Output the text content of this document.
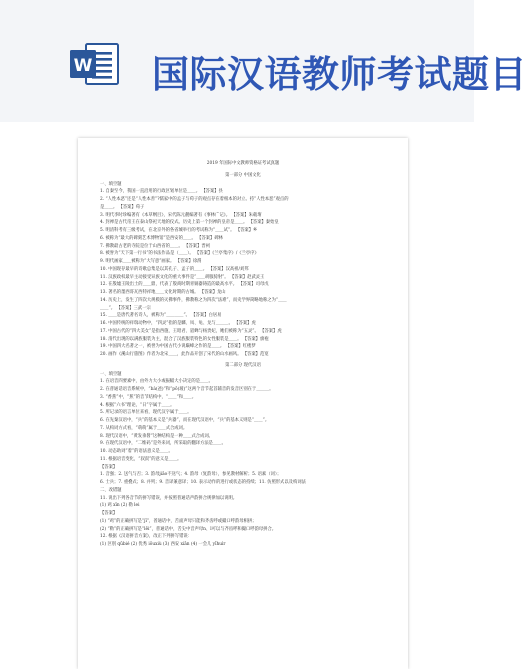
W 国际汉语教师考试题目
2019 年国际中文教师资格证考试真题
第一部分 中国文化
一、填空题
1. 自秦至今，我国一直沿用的行政区划单位是＿＿。 【答案】县
2. “人性本恶”还是“人性本善”?儒家中的孟子与荀子的观点存在着根本的对立。持“人性本恶”观点的
是＿＿。 【答案】荀子
3. 明代李时珍编著有《本草纲目》，宋代陈元靓编著有《事林广记》。 【答案】朱载堉
4. 封禅是古代帝王在泰山祭祀天地的仪式。历史上第一个封禅的皇帝是＿＿。 【答案】秦始皇
5. 明清科考有三级考试，在北京外的各省城举行的考试称为“＿＿试”。 【答案】乡
6. 被称为“最大的碑刻艺术博物馆”是西安的＿＿。 【答案】碑林
7. 佛教最古老的寺院是位于山西省的＿＿。 【答案】晋祠
8. 被誉为“天下第一行书”的书法作品是（＿＿）。 【答案】《兰亭集序》/《兰亭序》
9. 明代画家＿＿被称为“大写意”画家。 【答案】徐渭
10. 中国现存最早的诗歌总集是以其孔子、孟子的＿＿。 【答案】汉高祖/刘邦
11. 汉族政权最早主动接受异族文化的重大事件是“＿＿胡服骑射”。 【答案】赵武灵王
12. 在殷墟王陵出土的＿＿鼎，代表了殷商时期青铜器铸造的最高水平。 【答案】司母戊
13. 著名的墨西哥瓦西特祥地＿＿文化时期的古城。 【答案】龙山
14. 历史上，发生了四次大规模的灭佛事件，佛教称之为四次“法难”，而史学界简略地称之为“＿＿
＿＿”。 【答案】三武一宗
15. ＿＿是唐代著名诗人，被称为“＿＿＿＿”。 【答案】白居易
16. 中国传统的祥瑞动物中，“四灵”指的是麟、凤、龟、龙与＿＿＿。 【答案】虎
17. 中国古代的“四大美女”是指西施、王昭君、貂蝉与杨贵妃，她们被称为“五灵”。 【答案】虎
18. 清代出现的以满族服装为主，混合了汉族服装特色的女性服装是＿＿。 【答案】旗袍
19. 中国四大名著之一，被誉为中国古代小说巅峰之作的是＿＿。 【答案】红楼梦
20. 画作《溪山行旅图》作者为北宋＿＿，此作品开创了宋代的山水画风。 【答案】范宽
第二部分 现代汉语
一、填空题
1. 在语音四要素中，由外力大小或振幅大小决定的是＿＿。
2. 在普通话语音系统中，“bà(爸)”和“pō(坡)”这两个音节起首辅音的发音区别在于＿＿＿。
3. “香蕉”中，“蕉”的音节结构中，“＿＿”和＿＿。
4. 根据“六书”理论，“日”字属于＿＿。
5. 所记录的语言单位来看，现代汉字属于＿＿。
6. 在先秦汉语中，“兵”的基本义是“兵器”，而在现代汉语中，“兵”的基本义则是“＿＿”。
7. 从构词方式看，“萌萌”属于＿＿式合成词。
8. 现代汉语中，“黄发垂髫”这种结构是一种＿＿式合成词。
9. 在现代汉语中，“二维码”是外来词，所采取的翻译方法是＿＿。
10. 动态助词“着”的语法意义是＿＿。
11. 根据语音变化，“叔叔”的意义是＿＿。
【答案】
1. 音强；2. 送气与否；3. 韵母jiāo不送气；4. 韵母（复韵母），参见教材解析；5. 语素（词）；
6. 士兵；7. 重叠式；8. 并列；9. 音译兼意译；10. 表示动作的进行或状态的持续；11. 仿照形式以及构词法
二、改错题
11. 说出下列各音节的拼写错误，并按照普通话声韵拼合规律加以说明。
(1) 鸡 xīn (2) 勒 lei
【答案】
(1) “鸡”的正确拼写是“jī”，普通话中，舌面声母只能和齐齿呼或撮口呼韵母相拼；
(2) “勒”的正确拼写是“lēi”，普通话中，舌尖中音声母n、l可以与齐齿呼和撮口呼韵母拼合。
12. 根据《汉语拼音方案》，改正下列拼写错误：
(1) 区别 qūbié (2) 优秀 iōuxiù (3) 西安 xiān (4) 一会儿 yīhuìr
